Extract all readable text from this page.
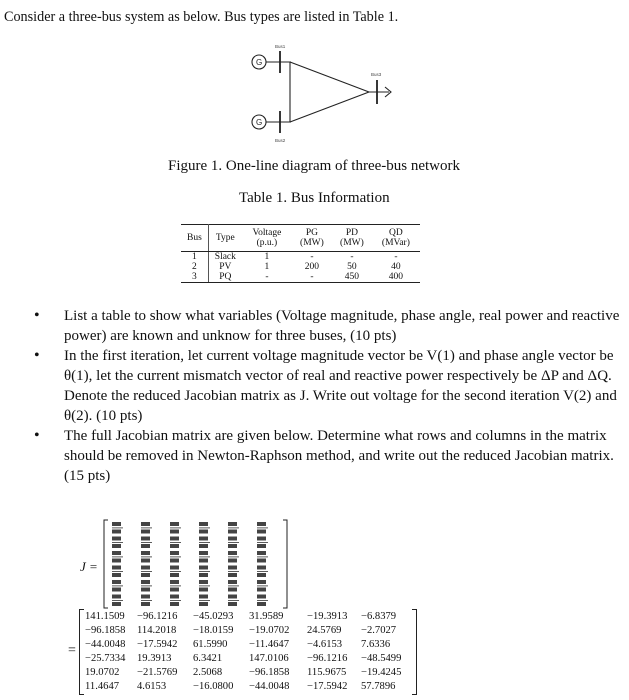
Consider a three-bus system as below. Bus types are listed in Table 1.
G
G
Bus1
Bus2
Bus3
Figure 1. One-line diagram of three-bus network
Table 1. Bus Information
Bus	Type	Voltage (p.u.)	PG (MW)	PD (MW)	QD (MVar)
1	Slack	1	-	-	-
2	PV	1	200	50	40
3	PQ	-	-	450	400
• List a table to show what variables (Voltage magnitude, phase angle, real power and reactive power) are known and unknow for three buses, (10 pts)
• In the first iteration, let current voltage magnitude vector be V(1) and phase angle vector be θ(1), let the current mismatch vector of real and reactive power respectively be ΔP and ΔQ. Denote the reduced Jacobian matrix as J. Write out voltage for the second iteration V(2) and θ(2). (10 pts)
• The full Jacobian matrix are given below. Determine what rows and columns in the matrix should be removed in Newton-Raphson method, and write out the reduced Jacobian matrix. (15 pts)
J =
=
141.1509	−96.1216	−45.0293	31.9589	−19.3913	−6.8379
−96.1858	114.2018	−18.0159	−19.0702	24.5769	−2.7027
−44.0048	−17.5942	61.5990	−11.4647	−4.6153	7.6336
−25.7334	19.3913	6.3421	147.0106	−96.1216	−48.5499
19.0702	−21.5769	2.5068	−96.1858	115.9675	−19.4245
11.4647	4.6153	−16.0800	−44.0048	−17.5942	57.7896
